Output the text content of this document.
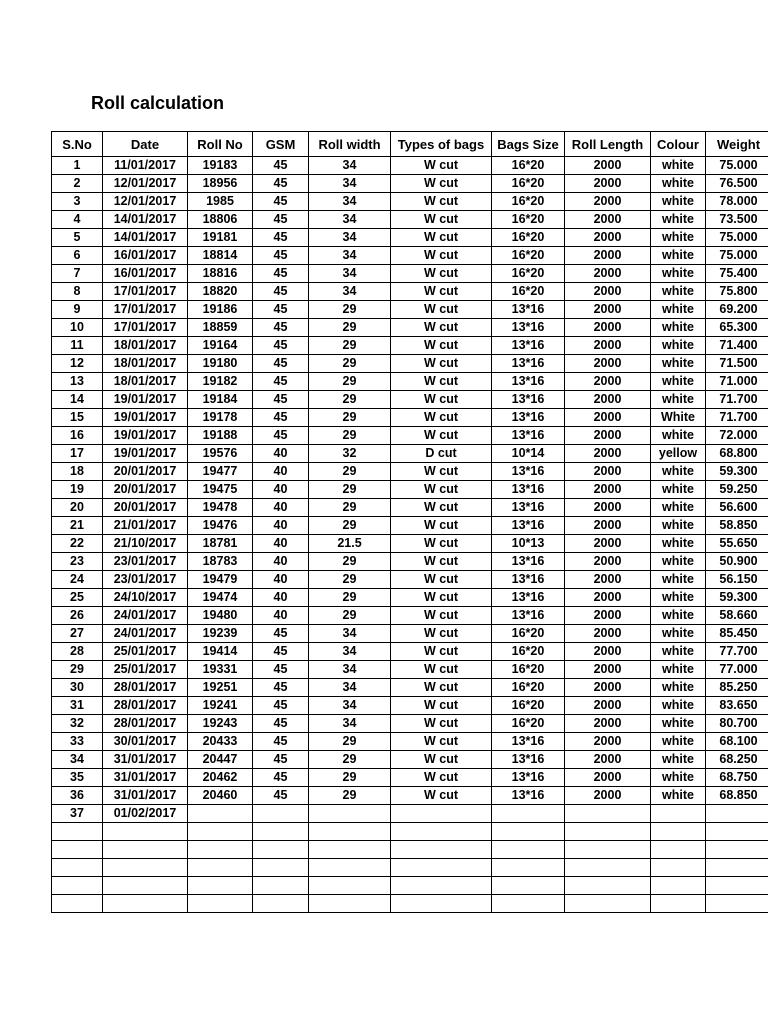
Roll calculation
S.No	Date	Roll No	GSM	Roll width	Types of bags	Bags Size	Roll Length	Colour	Weight
1	11/01/2017	19183	45	34	W cut	16*20	2000	white	75.000
2	12/01/2017	18956	45	34	W cut	16*20	2000	white	76.500
3	12/01/2017	1985	45	34	W cut	16*20	2000	white	78.000
4	14/01/2017	18806	45	34	W cut	16*20	2000	white	73.500
5	14/01/2017	19181	45	34	W cut	16*20	2000	white	75.000
6	16/01/2017	18814	45	34	W cut	16*20	2000	white	75.000
7	16/01/2017	18816	45	34	W cut	16*20	2000	white	75.400
8	17/01/2017	18820	45	34	W cut	16*20	2000	white	75.800
9	17/01/2017	19186	45	29	W cut	13*16	2000	white	69.200
10	17/01/2017	18859	45	29	W cut	13*16	2000	white	65.300
11	18/01/2017	19164	45	29	W cut	13*16	2000	white	71.400
12	18/01/2017	19180	45	29	W cut	13*16	2000	white	71.500
13	18/01/2017	19182	45	29	W cut	13*16	2000	white	71.000
14	19/01/2017	19184	45	29	W cut	13*16	2000	white	71.700
15	19/01/2017	19178	45	29	W cut	13*16	2000	White	71.700
16	19/01/2017	19188	45	29	W cut	13*16	2000	white	72.000
17	19/01/2017	19576	40	32	D cut	10*14	2000	yellow	68.800
18	20/01/2017	19477	40	29	W cut	13*16	2000	white	59.300
19	20/01/2017	19475	40	29	W cut	13*16	2000	white	59.250
20	20/01/2017	19478	40	29	W cut	13*16	2000	white	56.600
21	21/01/2017	19476	40	29	W cut	13*16	2000	white	58.850
22	21/10/2017	18781	40	21.5	W cut	10*13	2000	white	55.650
23	23/01/2017	18783	40	29	W cut	13*16	2000	white	50.900
24	23/01/2017	19479	40	29	W cut	13*16	2000	white	56.150
25	24/10/2017	19474	40	29	W cut	13*16	2000	white	59.300
26	24/01/2017	19480	40	29	W cut	13*16	2000	white	58.660
27	24/01/2017	19239	45	34	W cut	16*20	2000	white	85.450
28	25/01/2017	19414	45	34	W cut	16*20	2000	white	77.700
29	25/01/2017	19331	45	34	W cut	16*20	2000	white	77.000
30	28/01/2017	19251	45	34	W cut	16*20	2000	white	85.250
31	28/01/2017	19241	45	34	W cut	16*20	2000	white	83.650
32	28/01/2017	19243	45	34	W cut	16*20	2000	white	80.700
33	30/01/2017	20433	45	29	W cut	13*16	2000	white	68.100
34	31/01/2017	20447	45	29	W cut	13*16	2000	white	68.250
35	31/01/2017	20462	45	29	W cut	13*16	2000	white	68.750
36	31/01/2017	20460	45	29	W cut	13*16	2000	white	68.850
37	01/02/2017								
